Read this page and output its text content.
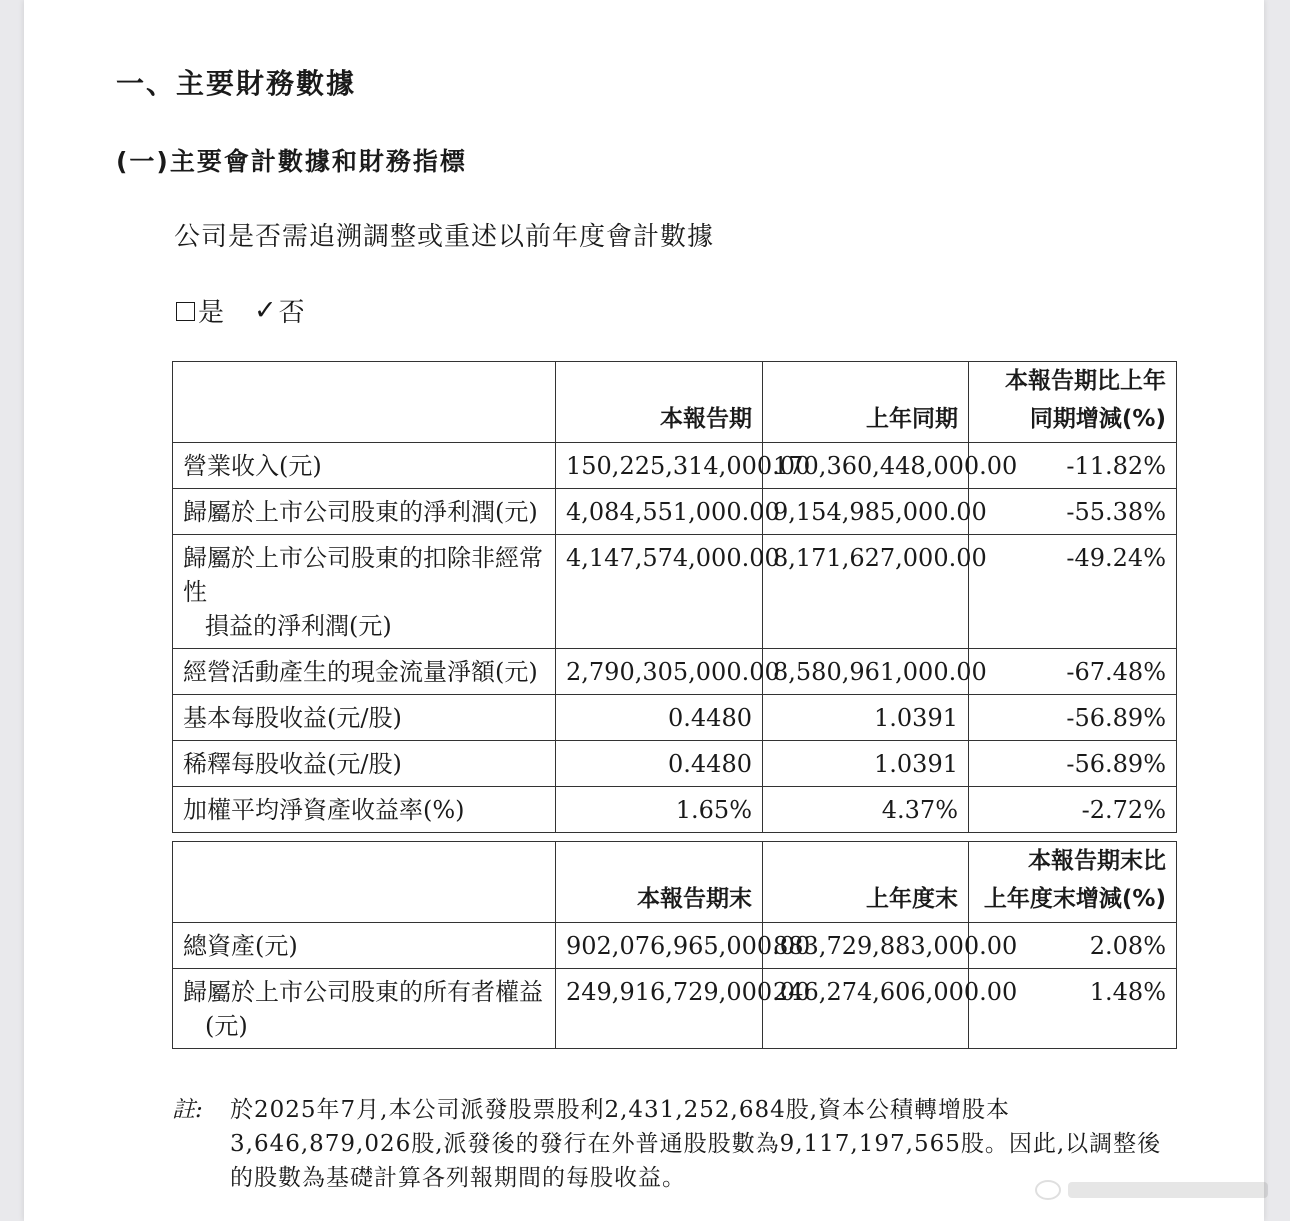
一、主要財務數據
(一)主要會計數據和財務指標
公司是否需追溯調整或重述以前年度會計數據
是 ✓ 否
	本報告期	上年同期	本報告期比上年
同期增減(%)

營業收入(元)	150,225,314,000.00	170,360,448,000.00	-11.82%
歸屬於上市公司股東的淨利潤(元)	4,084,551,000.00	9,154,985,000.00	-55.38%

歸屬於上市公司股東的扣除非經常性
損益的淨利潤(元)	4,147,574,000.00	8,171,627,000.00	-49.24%
經營活動產生的現金流量淨額(元)	2,790,305,000.00	8,580,961,000.00	-67.48%
基本每股收益(元/股)	0.4480	1.0391	-56.89%
稀釋每股收益(元/股)	0.4480	1.0391	-56.89%
加權平均淨資產收益率(%)	1.65%	4.37%	-2.72%
	本報告期末	上年度末	本報告期末比
上年度末增減(%)

總資產(元)	902,076,965,000.00	883,729,883,000.00	2.08%

歸屬於上市公司股東的所有者權益
(元)	249,916,729,000.00	246,274,606,000.00	1.48%
註: 於2025年7月,本公司派發股票股利2,431,252,684股,資本公積轉增股本3,646,879,026股,派發後的發行在外普通股股數為9,117,197,565股。因此,以調整後的股數為基礎計算各列報期間的每股收益。
